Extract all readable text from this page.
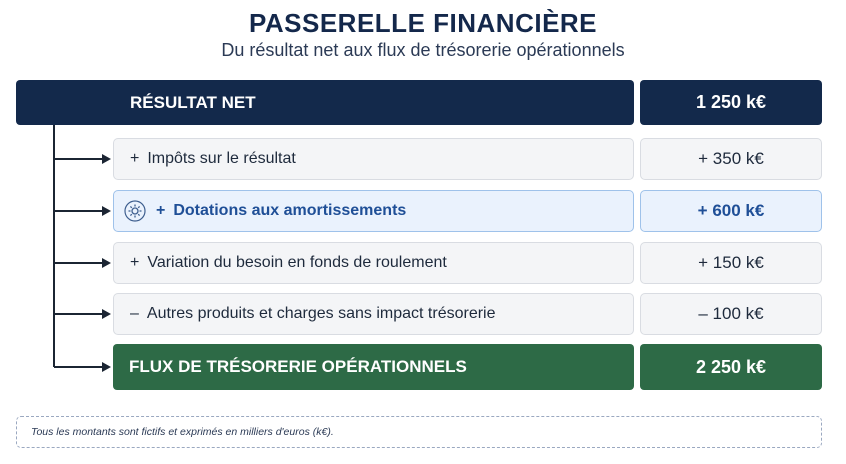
PASSERELLE FINANCIÈRE
Du résultat net aux flux de trésorerie opérationnels
RÉSULTAT NET	1 250 k€
+ Impôts sur le résultat	+ 350 k€
+ Dotations aux amortissements	+ 600 k€
+ Variation du besoin en fonds de roulement	+ 150 k€
– Autres produits et charges sans impact trésorerie	– 100 k€
FLUX DE TRÉSORERIE OPÉRATIONNELS	2 250 k€
Tous les montants sont fictifs et exprimés en milliers d'euros (k€).
